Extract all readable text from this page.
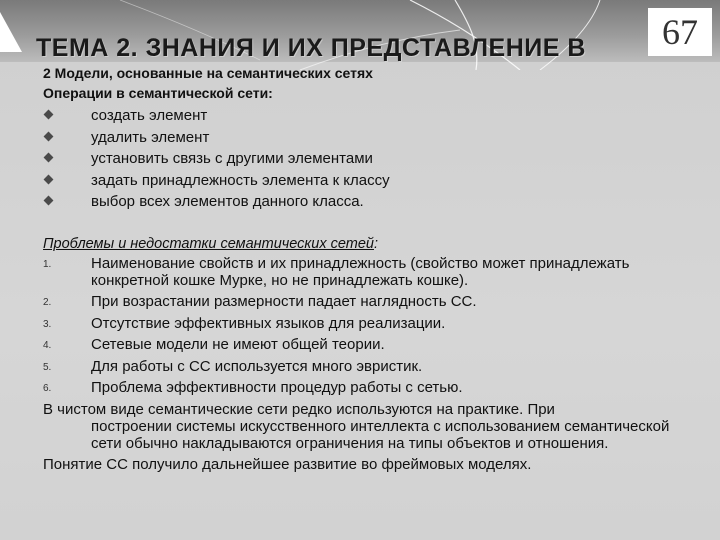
ТЕМА 2. ЗНАНИЯ И ИХ ПРЕДСТАВЛЕНИЕ В	67
2 Модели, основанные на семантических сетях
Операции в семантической сети:
создать элемент
удалить элемент
установить связь с другими элементами
задать принадлежность элемента к классу
выбор всех элементов данного класса.
Проблемы и недостатки семантических сетей:
1.	Наименование свойств и их принадлежность (свойство может принадлежать конкретной кошке Мурке, но не принадлежать кошке).
2.	При возрастании размерности падает наглядность СС.
3.	Отсутствие эффективных языков для реализации.
4.	Сетевые модели не имеют общей теории.
5.	Для работы с СС используется много эвристик.
6.	Проблема эффективности процедур работы с сетью.
В чистом виде семантические сети редко используются на практике. При
построении системы искусственного интеллекта с использованием семантической сети обычно накладываются ограничения на типы объектов и отношения.
Понятие СС получило дальнейшее развитие во фреймовых моделях.
